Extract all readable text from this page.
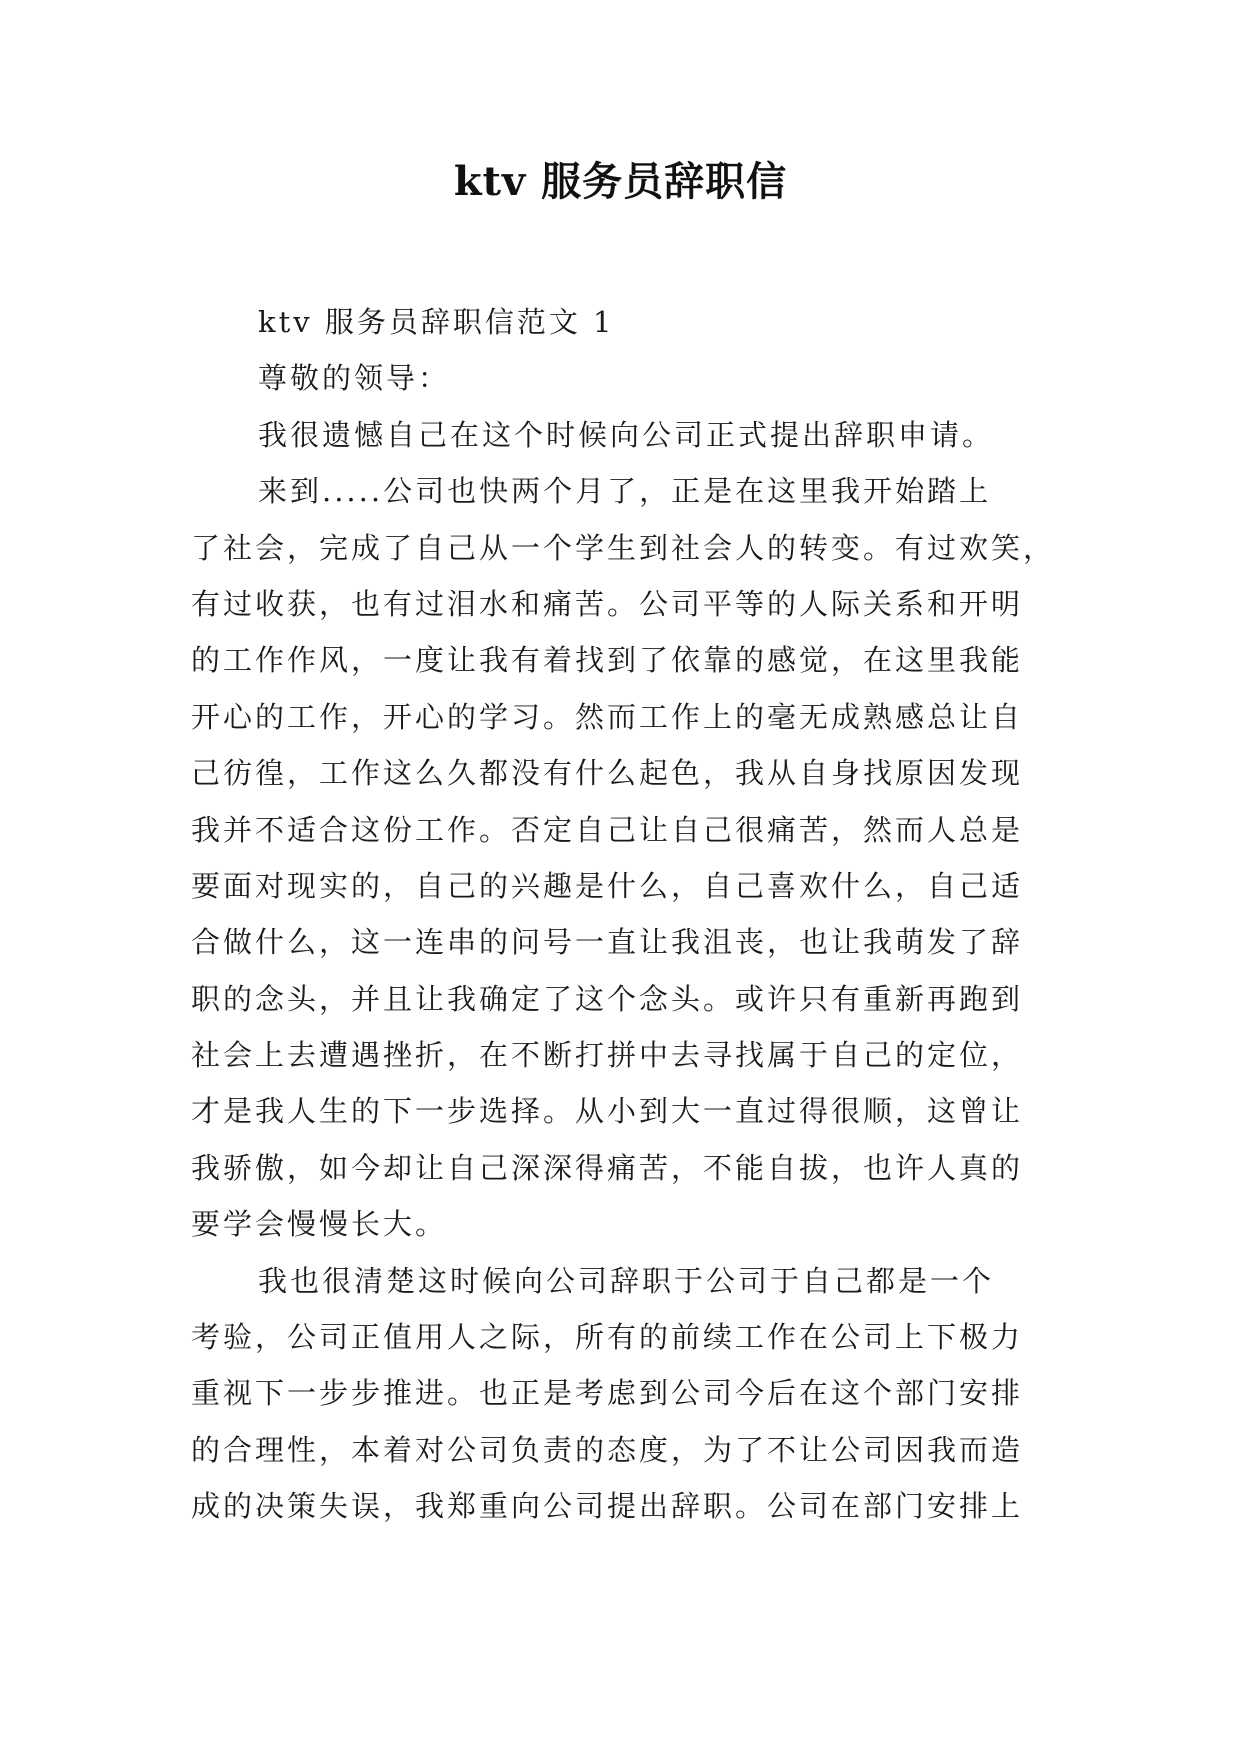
ktv 服务员辞职信

ktv 服务员辞职信范文 1

尊敬的领导：

我很遗憾自己在这个时候向公司正式提出辞职申请。

来到.....公司也快两个月了，正是在这里我开始踏上

了社会，完成了自己从一个学生到社会人的转变。有过欢笑，

有过收获，也有过泪水和痛苦。公司平等的人际关系和开明

的工作作风，一度让我有着找到了依靠的感觉，在这里我能

开心的工作，开心的学习。然而工作上的毫无成熟感总让自

己彷徨，工作这么久都没有什么起色，我从自身找原因发现

我并不适合这份工作。否定自己让自己很痛苦，然而人总是

要面对现实的，自己的兴趣是什么，自己喜欢什么，自己适

合做什么，这一连串的问号一直让我沮丧，也让我萌发了辞

职的念头，并且让我确定了这个念头。或许只有重新再跑到

社会上去遭遇挫折，在不断打拼中去寻找属于自己的定位，

才是我人生的下一步选择。从小到大一直过得很顺，这曾让

我骄傲，如今却让自己深深得痛苦，不能自拔，也许人真的

要学会慢慢长大。

我也很清楚这时候向公司辞职于公司于自己都是一个

考验，公司正值用人之际，所有的前续工作在公司上下极力

重视下一步步推进。也正是考虑到公司今后在这个部门安排

的合理性，本着对公司负责的态度，为了不让公司因我而造

成的决策失误，我郑重向公司提出辞职。公司在部门安排上
